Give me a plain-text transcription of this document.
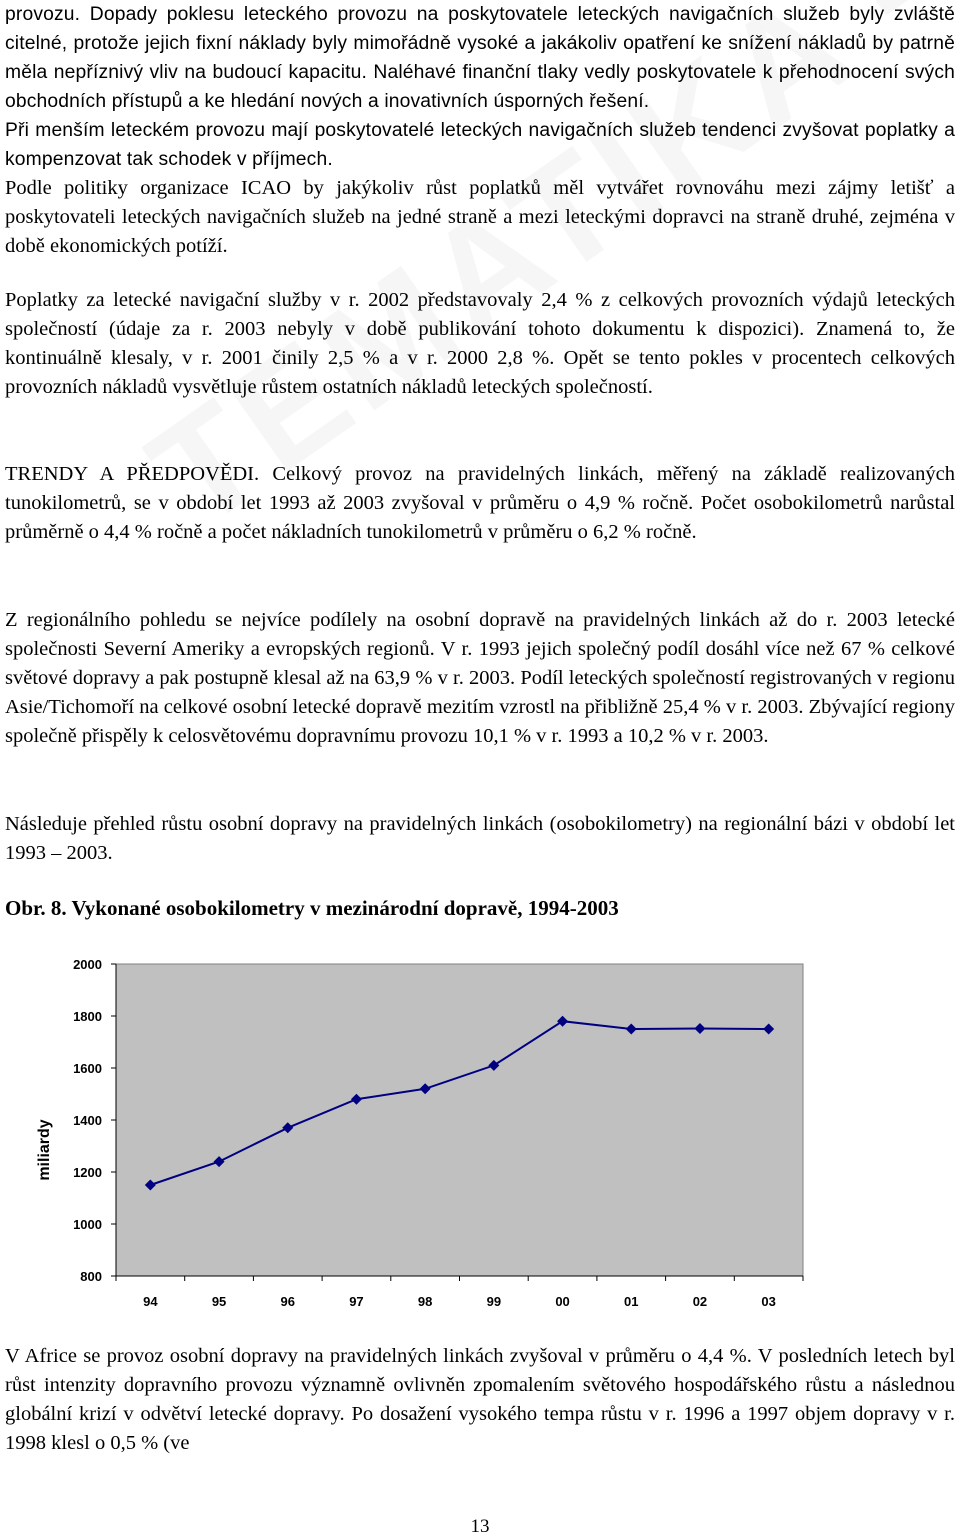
provozu. Dopady poklesu leteckého provozu na poskytovatele leteckých navigačních služeb byly zvláště citelné, protože jejich fixní náklady byly mimořádně vysoké a jakákoliv opatření ke snížení nákladů by patrně měla nepříznivý vliv na budoucí kapacitu. Naléhavé finanční tlaky vedly poskytovatele k přehodnocení svých obchodních přístupů a ke hledání nových a inovativních úsporných řešení.

Při menším leteckém provozu mají poskytovatelé leteckých navigačních služeb tendenci zvyšovat poplatky a kompenzovat tak schodek v příjmech.

Podle politiky organizace ICAO by jakýkoliv růst poplatků měl vytvářet rovnováhu mezi zájmy letišť a poskytovateli leteckých navigačních služeb na jedné straně a mezi leteckými dopravci na straně druhé, zejména v době ekonomických potíží.

Poplatky za letecké navigační služby v r. 2002 představovaly 2,4 % z celkových provozních výdajů leteckých společností (údaje za r. 2003 nebyly v době publikování tohoto dokumentu k dispozici). Znamená to, že kontinuálně klesaly, v r. 2001 činily 2,5 % a v r. 2000 2,8 %. Opět se tento pokles v procentech celkových provozních nákladů vysvětluje růstem ostatních nákladů leteckých společností.

TRENDY A PŘEDPOVĚDI. Celkový provoz na pravidelných linkách, měřený na základě realizovaných tunokilometrů, se v období let 1993 až 2003 zvyšoval v průměru o 4,9 % ročně. Počet osobokilometrů narůstal průměrně o 4,4 % ročně a počet nákladních tunokilometrů v průměru o 6,2 % ročně.

Z regionálního pohledu se nejvíce podílely na osobní dopravě na pravidelných linkách až do r. 2003 letecké společnosti Severní Ameriky a evropských regionů. V r. 1993 jejich společný podíl dosáhl více než 67 % celkové světové dopravy a pak postupně klesal až na 63,9 % v r. 2003. Podíl leteckých společností registrovaných v regionu Asie/Tichomoří na celkové osobní letecké dopravě mezitím vzrostl na přibližně 25,4 % v r. 2003. Zbývající regiony společně přispěly k celosvětovému dopravnímu provozu 10,1 % v r. 1993 a 10,2 % v r. 2003.

Následuje přehled růstu osobní dopravy na pravidelných linkách (osobokilometry) na regionální bázi v období let 1993 – 2003.

Obr. 8. Vykonané osobokilometry v mezinárodní dopravě, 1994-2003

2000
1800
1600
1400
1200
1000
800
94	95	96	97	98	99	00	01	02	03
miliardy

V Africe se provoz osobní dopravy na pravidelných linkách zvyšoval v průměru o 4,4 %. V posledních letech byl růst intenzity dopravního provozu významně ovlivněn zpomalením světového hospodářského růstu a následnou globální krizí v odvětví letecké dopravy. Po dosažení vysokého tempa růstu v r. 1996 a 1997 objem dopravy v r. 1998 klesl o 0,5 % (ve

13
